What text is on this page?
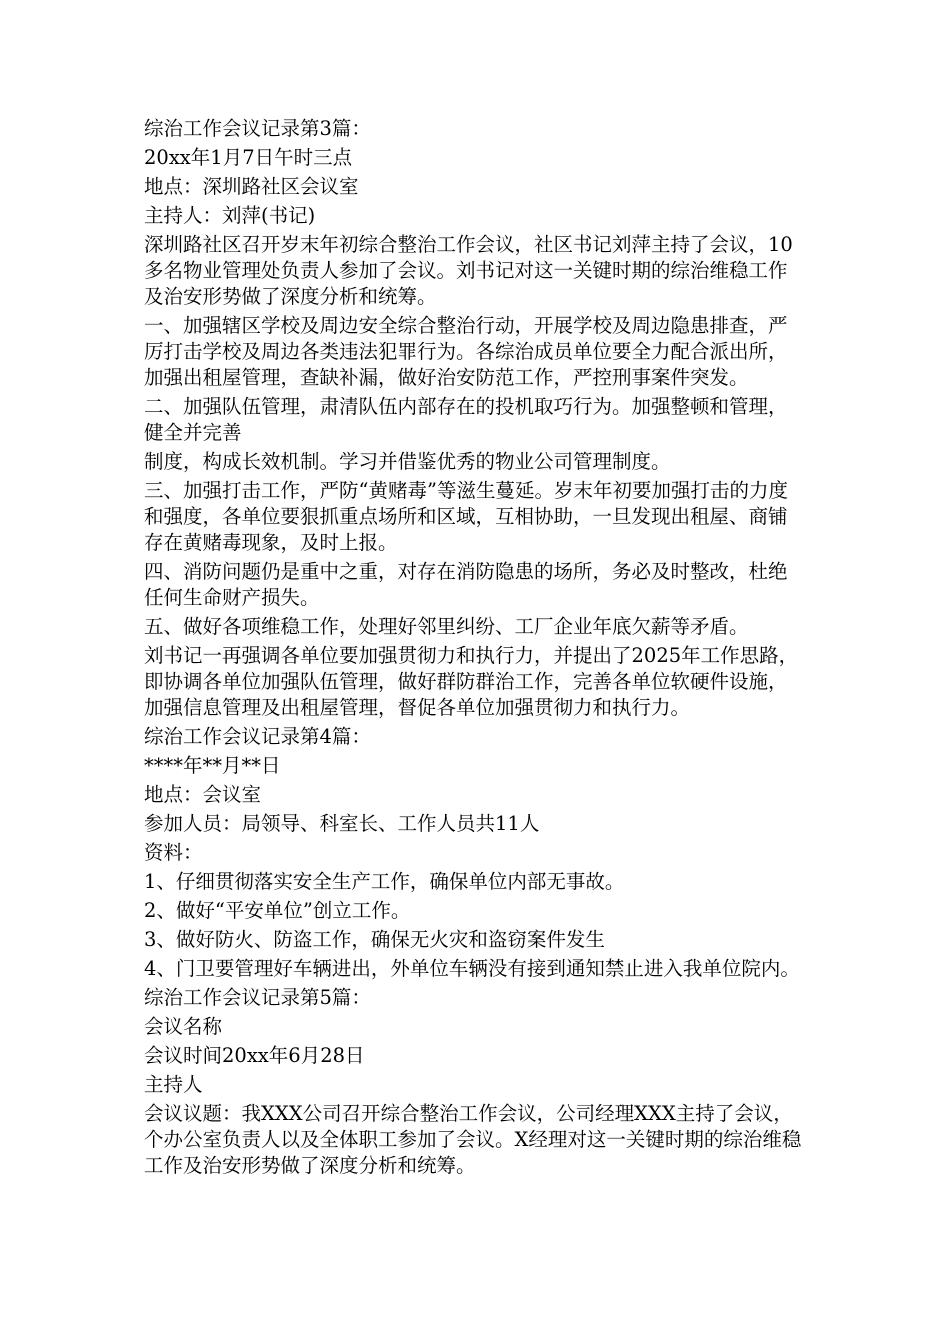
综治工作会议记录第3篇：

20xx年1月7日午时三点

地点：深圳路社区会议室

主持人：刘萍(书记)

深圳路社区召开岁末年初综合整治工作会议，社区书记刘萍主持了会议，10多名物业管理处负责人参加了会议。刘书记对这一关键时期的综治维稳工作及治安形势做了深度分析和统筹。

一、加强辖区学校及周边安全综合整治行动，开展学校及周边隐患排查，严厉打击学校及周边各类违法犯罪行为。各综治成员单位要全力配合派出所，加强出租屋管理，查缺补漏，做好治安防范工作，严控刑事案件突发。

二、加强队伍管理，肃清队伍内部存在的投机取巧行为。加强整顿和管理，健全并完善

制度，构成长效机制。学习并借鉴优秀的物业公司管理制度。

三、加强打击工作，严防“黄赌毒”等滋生蔓延。岁末年初要加强打击的力度和强度，各单位要狠抓重点场所和区域，互相协助，一旦发现出租屋、商铺存在黄赌毒现象，及时上报。

四、消防问题仍是重中之重，对存在消防隐患的场所，务必及时整改，杜绝任何生命财产损失。

五、做好各项维稳工作，处理好邻里纠纷、工厂企业年底欠薪等矛盾。

刘书记一再强调各单位要加强贯彻力和执行力，并提出了2025年工作思路，即协调各单位加强队伍管理，做好群防群治工作，完善各单位软硬件设施，加强信息管理及出租屋管理，督促各单位加强贯彻力和执行力。

综治工作会议记录第4篇：

****年**月**日

地点：会议室

参加人员：局领导、科室长、工作人员共11人

资料：

1、仔细贯彻落实安全生产工作，确保单位内部无事故。

2、做好“平安单位”创立工作。

3、做好防火、防盗工作，确保无火灾和盗窃案件发生

4、门卫要管理好车辆进出，外单位车辆没有接到通知禁止进入我单位院内。

综治工作会议记录第5篇：

会议名称

会议时间20xx年6月28日

主持人

会议议题：我XXX公司召开综合整治工作会议，公司经理XXX主持了会议，个办公室负责人以及全体职工参加了会议。X经理对这一关键时期的综治维稳工作及治安形势做了深度分析和统筹。
